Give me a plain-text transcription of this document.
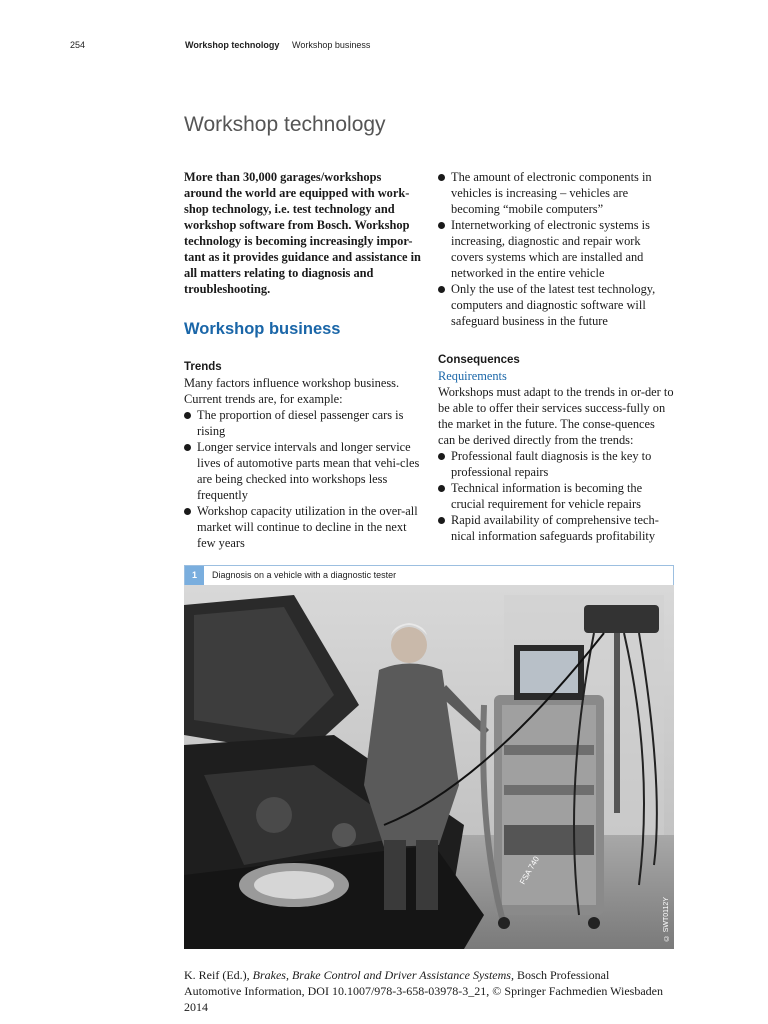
254	Workshop technology Workshop business
Workshop technology

More than 30,000 garages/workshops around the world are equipped with work-shop technology, i.e. test technology and workshop software from Bosch. Workshop technology is becoming increasingly impor-tant as it provides guidance and assistance in all matters relating to diagnosis and troubleshooting.

Workshop business
Trends

Many factors influence workshop business. Current trends are, for example:

The proportion of diesel passenger cars is rising
Longer service intervals and longer service lives of automotive parts mean that vehi-cles are being checked into workshops less frequently
Workshop capacity utilization in the over-all market will continue to decline in the next few years
The amount of electronic components in vehicles is increasing – vehicles are becoming “mobile computers”
Internetworking of electronic systems is increasing, diagnostic and repair work covers systems which are installed and networked in the entire vehicle
Only the use of the latest test technology, computers and diagnostic software will safeguard business in the future
Consequences

Requirements

Workshops must adapt to the trends in or-der to be able to offer their services success-fully on the market in the future. The conse-quences can be derived directly from the trends:

Professional fault diagnosis is the key to professional repairs
Technical information is becoming the crucial requirement for vehicle repairs
Rapid availability of comprehensive tech-nical information safeguards profitability
1	Diagnosis on a vehicle with a diagnostic tester
FSA 740
© SWT0112Y
K. Reif (Ed.), Brakes, Brake Control and Driver Assistance Systems, Bosch Professional
Automotive Information, DOI 10.1007/978-3-658-03978-3_21, © Springer Fachmedien Wiesbaden 2014
